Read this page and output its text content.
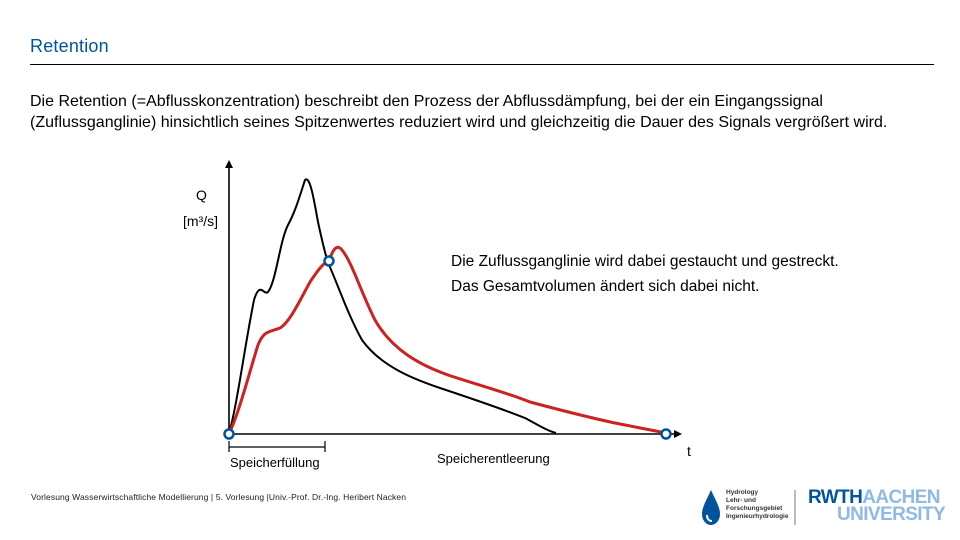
Retention
Die Retention (=Abflusskonzentration) beschreibt den Prozess der Abflussdämpfung, bei der ein Eingangssignal (Zuflussganglinie) hinsichtlich seines Spitzenwertes reduziert wird und gleichzeitig die Dauer des Signals vergrößert wird.
Q
[m³/s]
t
Die Zuflussganglinie wird dabei gestaucht und gestreckt.
Das Gesamtvolumen ändert sich dabei nicht.
Speicherfüllung	Speicherentleerung
Vorlesung Wasserwirtschaftliche Modellierung | 5. Vorlesung |Univ.-Prof. Dr.-Ing. Heribert Nacken	Hydrology
Lehr- und
Forschungsgebiet
Ingenieurhydrologie
RWTHAACHEN
UNIVERSITY
